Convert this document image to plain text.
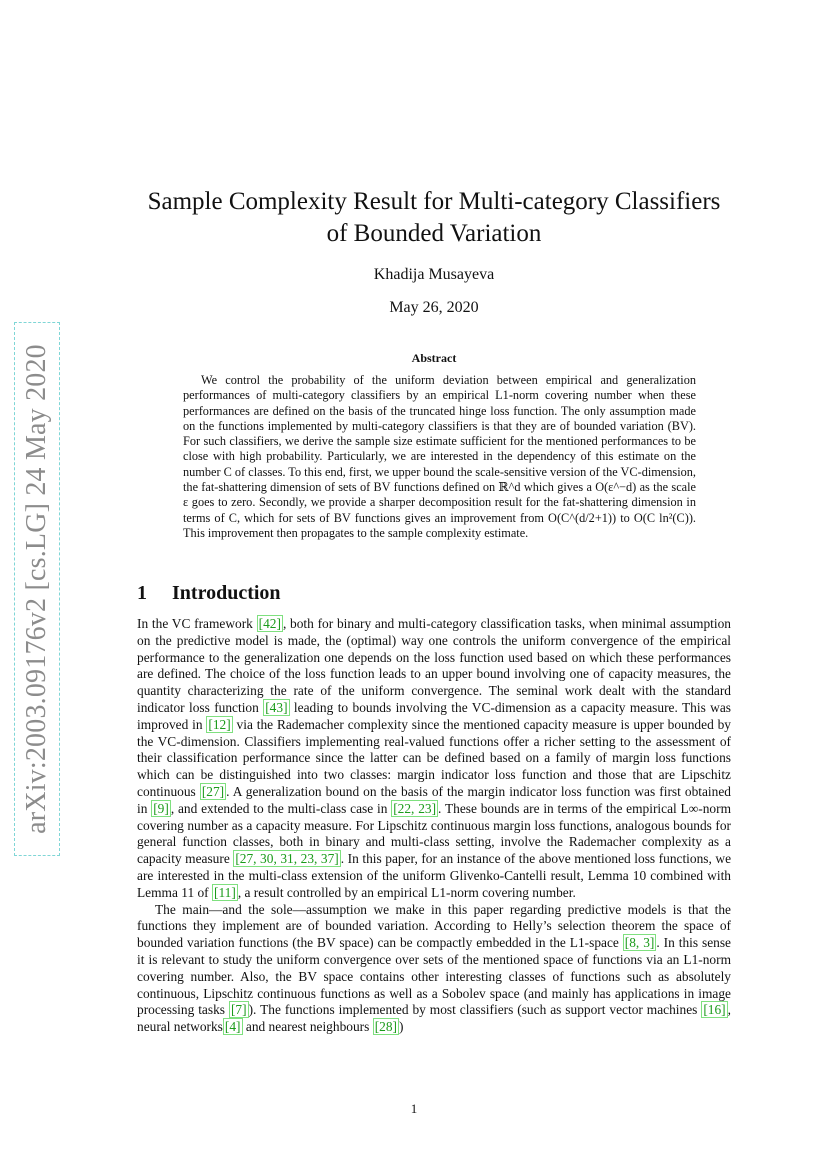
arXiv:2003.09176v2 [cs.LG] 24 May 2020
Sample Complexity Result for Multi-category Classifiers of Bounded Variation
Khadija Musayeva
May 26, 2020
Abstract

We control the probability of the uniform deviation between empirical and generalization performances of multi-category classifiers by an empirical L1-norm covering number when these performances are defined on the basis of the truncated hinge loss function. The only assumption made on the functions implemented by multi-category classifiers is that they are of bounded variation (BV). For such classifiers, we derive the sample size estimate sufficient for the mentioned performances to be close with high probability. Particularly, we are interested in the dependency of this estimate on the number C of classes. To this end, first, we upper bound the scale-sensitive version of the VC-dimension, the fat-shattering dimension of sets of BV functions defined on ℝ^d which gives a O(ε^−d) as the scale ε goes to zero. Secondly, we provide a sharper decomposition result for the fat-shattering dimension in terms of C, which for sets of BV functions gives an improvement from O(C^(d/2+1)) to O(C ln²(C)). This improvement then propagates to the sample complexity estimate.

1 Introduction

In the VC framework [42] , both for binary and multi-category classification tasks, when minimal assumption on the predictive model is made, the (optimal) way one controls the uniform convergence of the empirical performance to the generalization one depends on the loss function used based on which these performances are defined. The choice of the loss function leads to an upper bound involving one of capacity measures, the quantity characterizing the rate of the uniform convergence. The seminal work dealt with the standard indicator loss function [43] leading to bounds involving the VC-dimension as a capacity measure. This was improved in [12] via the Rademacher complexity since the mentioned capacity measure is upper bounded by the VC-dimension. Classifiers implementing real-valued functions offer a richer setting to the assessment of their classification performance since the latter can be defined based on a family of margin loss functions which can be distinguished into two classes: margin indicator loss function and those that are Lipschitz continuous [27] . A generalization bound on the basis of the margin indicator loss function was first obtained in [9] , and extended to the multi-class case in [22, 23] . These bounds are in terms of the empirical L∞-norm covering number as a capacity measure. For Lipschitz continuous margin loss functions, analogous bounds for general function classes, both in binary and multi-class setting, involve the Rademacher complexity as a capacity measure [27, 30, 31, 23, 37] . In this paper, for an instance of the above mentioned loss functions, we are interested in the multi-class extension of the uniform Glivenko-Cantelli result, Lemma 10 combined with Lemma 11 of [11] , a result controlled by an empirical L1-norm covering number.

The main—and the sole—assumption we make in this paper regarding predictive models is that the functions they implement are of bounded variation. According to Helly’s selection theorem the space of bounded variation functions (the BV space) can be compactly embedded in the L1-space [8, 3] . In this sense it is relevant to study the uniform convergence over sets of the mentioned space of functions via an L1-norm covering number. Also, the BV space contains other interesting classes of functions such as absolutely continuous, Lipschitz continuous functions as well as a Sobolev space (and mainly has applications in image processing tasks [7] ). The functions implemented by most classifiers (such as support vector machines [16] , neural networks [4] and nearest neighbours [28] )

1
